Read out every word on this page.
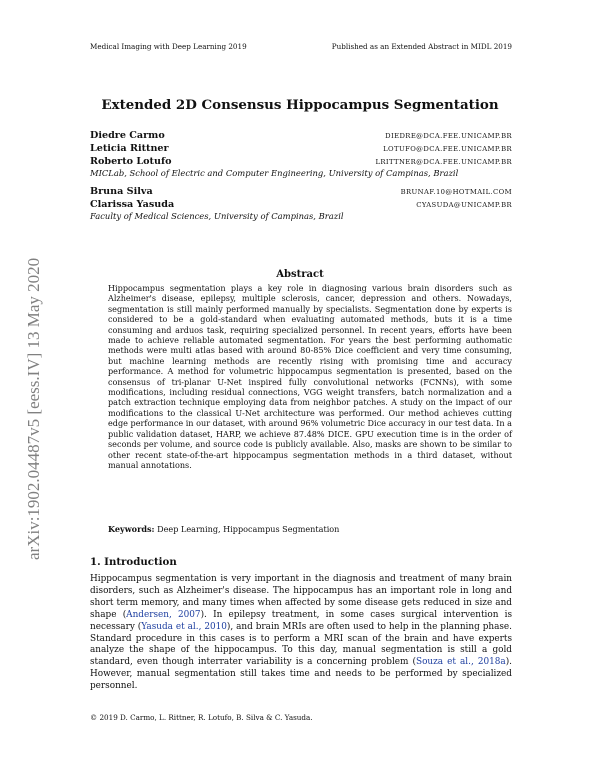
Medical Imaging with Deep Learning 2019	Published as an Extended Abstract in MIDL 2019
arXiv:1902.04487v5 [eess.IV] 13 May 2020
Extended 2D Consensus Hippocampus Segmentation
Diedre Carmo	DIEDRE@DCA.FEE.UNICAMP.BR
Leticia Rittner	LOTUFO@DCA.FEE.UNICAMP.BR
Roberto Lotufo	LRITTNER@DCA.FEE.UNICAMP.BR
MICLab, School of Electric and Computer Engineering, University of Campinas, Brazil
Bruna Silva	BRUNAF.10@HOTMAIL.COM
Clarissa Yasuda	CYASUDA@UNICAMP.BR
Faculty of Medical Sciences, University of Campinas, Brazil
Abstract

Hippocampus segmentation plays a key role in diagnosing various brain disorders such as Alzheimer's disease, epilepsy, multiple sclerosis, cancer, depression and others. Nowadays, segmentation is still mainly performed manually by specialists. Segmentation done by experts is considered to be a gold-standard when evaluating automated methods, buts it is a time consuming and arduos task, requiring specialized personnel. In recent years, efforts have been made to achieve reliable automated segmentation. For years the best performing authomatic methods were multi atlas based with around 80-85% Dice coefficient and very time consuming, but machine learning methods are recently rising with promising time and accuracy performance. A method for volumetric hippocampus segmentation is presented, based on the consensus of tri-planar U-Net inspired fully convolutional networks (FCNNs), with some modifications, including residual connections, VGG weight transfers, batch normalization and a patch extraction technique employing data from neighbor patches. A study on the impact of our modifications to the classical U-Net architecture was performed. Our method achieves cutting edge performance in our dataset, with around 96% volumetric Dice accuracy in our test data. In a public validation dataset, HARP, we achieve 87.48% DICE. GPU execution time is in the order of seconds per volume, and source code is publicly available. Also, masks are shown to be similar to other recent state-of-the-art hippocampus segmentation methods in a third dataset, without manual annotations.

Keywords: Deep Learning, Hippocampus Segmentation
1. Introduction

Hippocampus segmentation is very important in the diagnosis and treatment of many brain disorders, such as Alzheimer's disease. The hippocampus has an important role in long and short term memory, and many times when affected by some disease gets reduced in size and shape (Andersen, 2007). In epilepsy treatment, in some cases surgical intervention is necessary (Yasuda et al., 2010), and brain MRIs are often used to help in the planning phase. Standard procedure in this cases is to perform a MRI scan of the brain and have experts analyze the shape of the hippocampus. To this day, manual segmentation is still a gold standard, even though interrater variability is a concerning problem (Souza et al., 2018a). However, manual segmentation still takes time and needs to be performed by specialized personnel.

© 2019 D. Carmo, L. Rittner, R. Lotufo, B. Silva & C. Yasuda.
